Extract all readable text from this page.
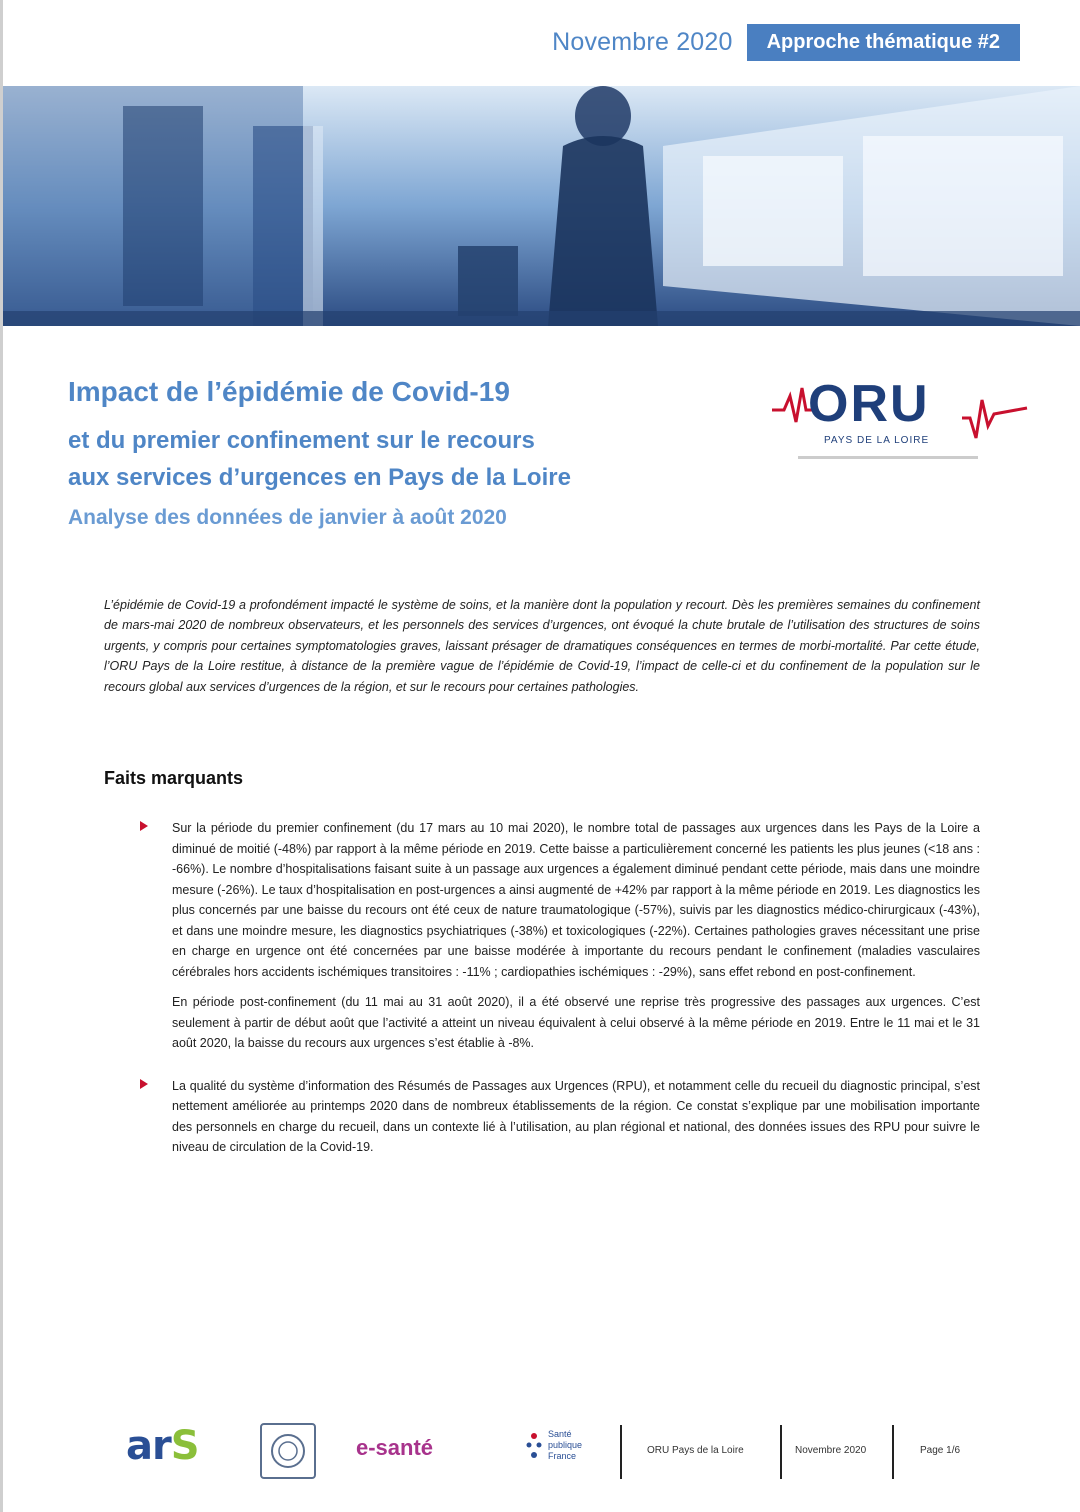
Novembre 2020	Approche thématique #2

Impact de l’épidémie de Covid-19

et du premier confinement sur le recours
aux services d’urgences en Pays de la Loire

Analyse des données de janvier à août 2020

ORU
PAYS DE LA LOIRE

L’épidémie de Covid-19 a profondément impacté le système de soins, et la manière dont la population y recourt. Dès les premières semaines du confinement de mars-mai 2020 de nombreux observateurs, et les personnels des services d’urgences, ont évoqué la chute brutale de l’utilisation des structures de soins urgents, y compris pour certaines symptomatologies graves, laissant présager de dramatiques conséquences en termes de morbi-mortalité. Par cette étude, l’ORU Pays de la Loire restitue, à distance de la première vague de l’épidémie de Covid-19, l’impact de celle-ci et du confinement de la population sur le recours global aux services d’urgences de la région, et sur le recours pour certaines pathologies.

Faits marquants

Sur la période du premier confinement (du 17 mars au 10 mai 2020), le nombre total de passages aux urgences dans les Pays de la Loire a diminué de moitié (-48%) par rapport à la même période en 2019. Cette baisse a particulièrement concerné les patients les plus jeunes (<18 ans : -66%). Le nombre d’hospitalisations faisant suite à un passage aux urgences a également diminué pendant cette période, mais dans une moindre mesure (-26%). Le taux d’hospitalisation en post-urgences a ainsi augmenté de +42% par rapport à la même période en 2019. Les diagnostics les plus concernés par une baisse du recours ont été ceux de nature traumatologique (-57%), suivis par les diagnostics médico-chirurgicaux (-43%), et dans une moindre mesure, les diagnostics psychiatriques (-38%) et toxicologiques (-22%). Certaines pathologies graves nécessitant une prise en charge en urgence ont été concernées par une baisse modérée à importante du recours pendant le confinement (maladies vasculaires cérébrales hors accidents ischémiques transitoires : -11% ; cardiopathies ischémiques : -29%), sans effet rebond en post-confinement.

En période post-confinement (du 11 mai au 31 août 2020), il a été observé une reprise très progressive des passages aux urgences. C’est seulement à partir de début août que l’activité a atteint un niveau équivalent à celui observé à la même période en 2019. Entre le 11 mai et le 31 août 2020, la baisse du recours aux urgences s’est établie à -8%.

La qualité du système d’information des Résumés de Passages aux Urgences (RPU), et notamment celle du recueil du diagnostic principal, s’est nettement améliorée au printemps 2020 dans de nombreux établissements de la région. Ce constat s’explique par une mobilisation importante des personnels en charge du recueil, dans un contexte lié à l’utilisation, au plan régional et national, des données issues des RPU pour suivre le niveau de circulation de la Covid-19.

arS	e-santé
Santé publique France	ORU Pays de la Loire	Novembre 2020	Page 1/6
